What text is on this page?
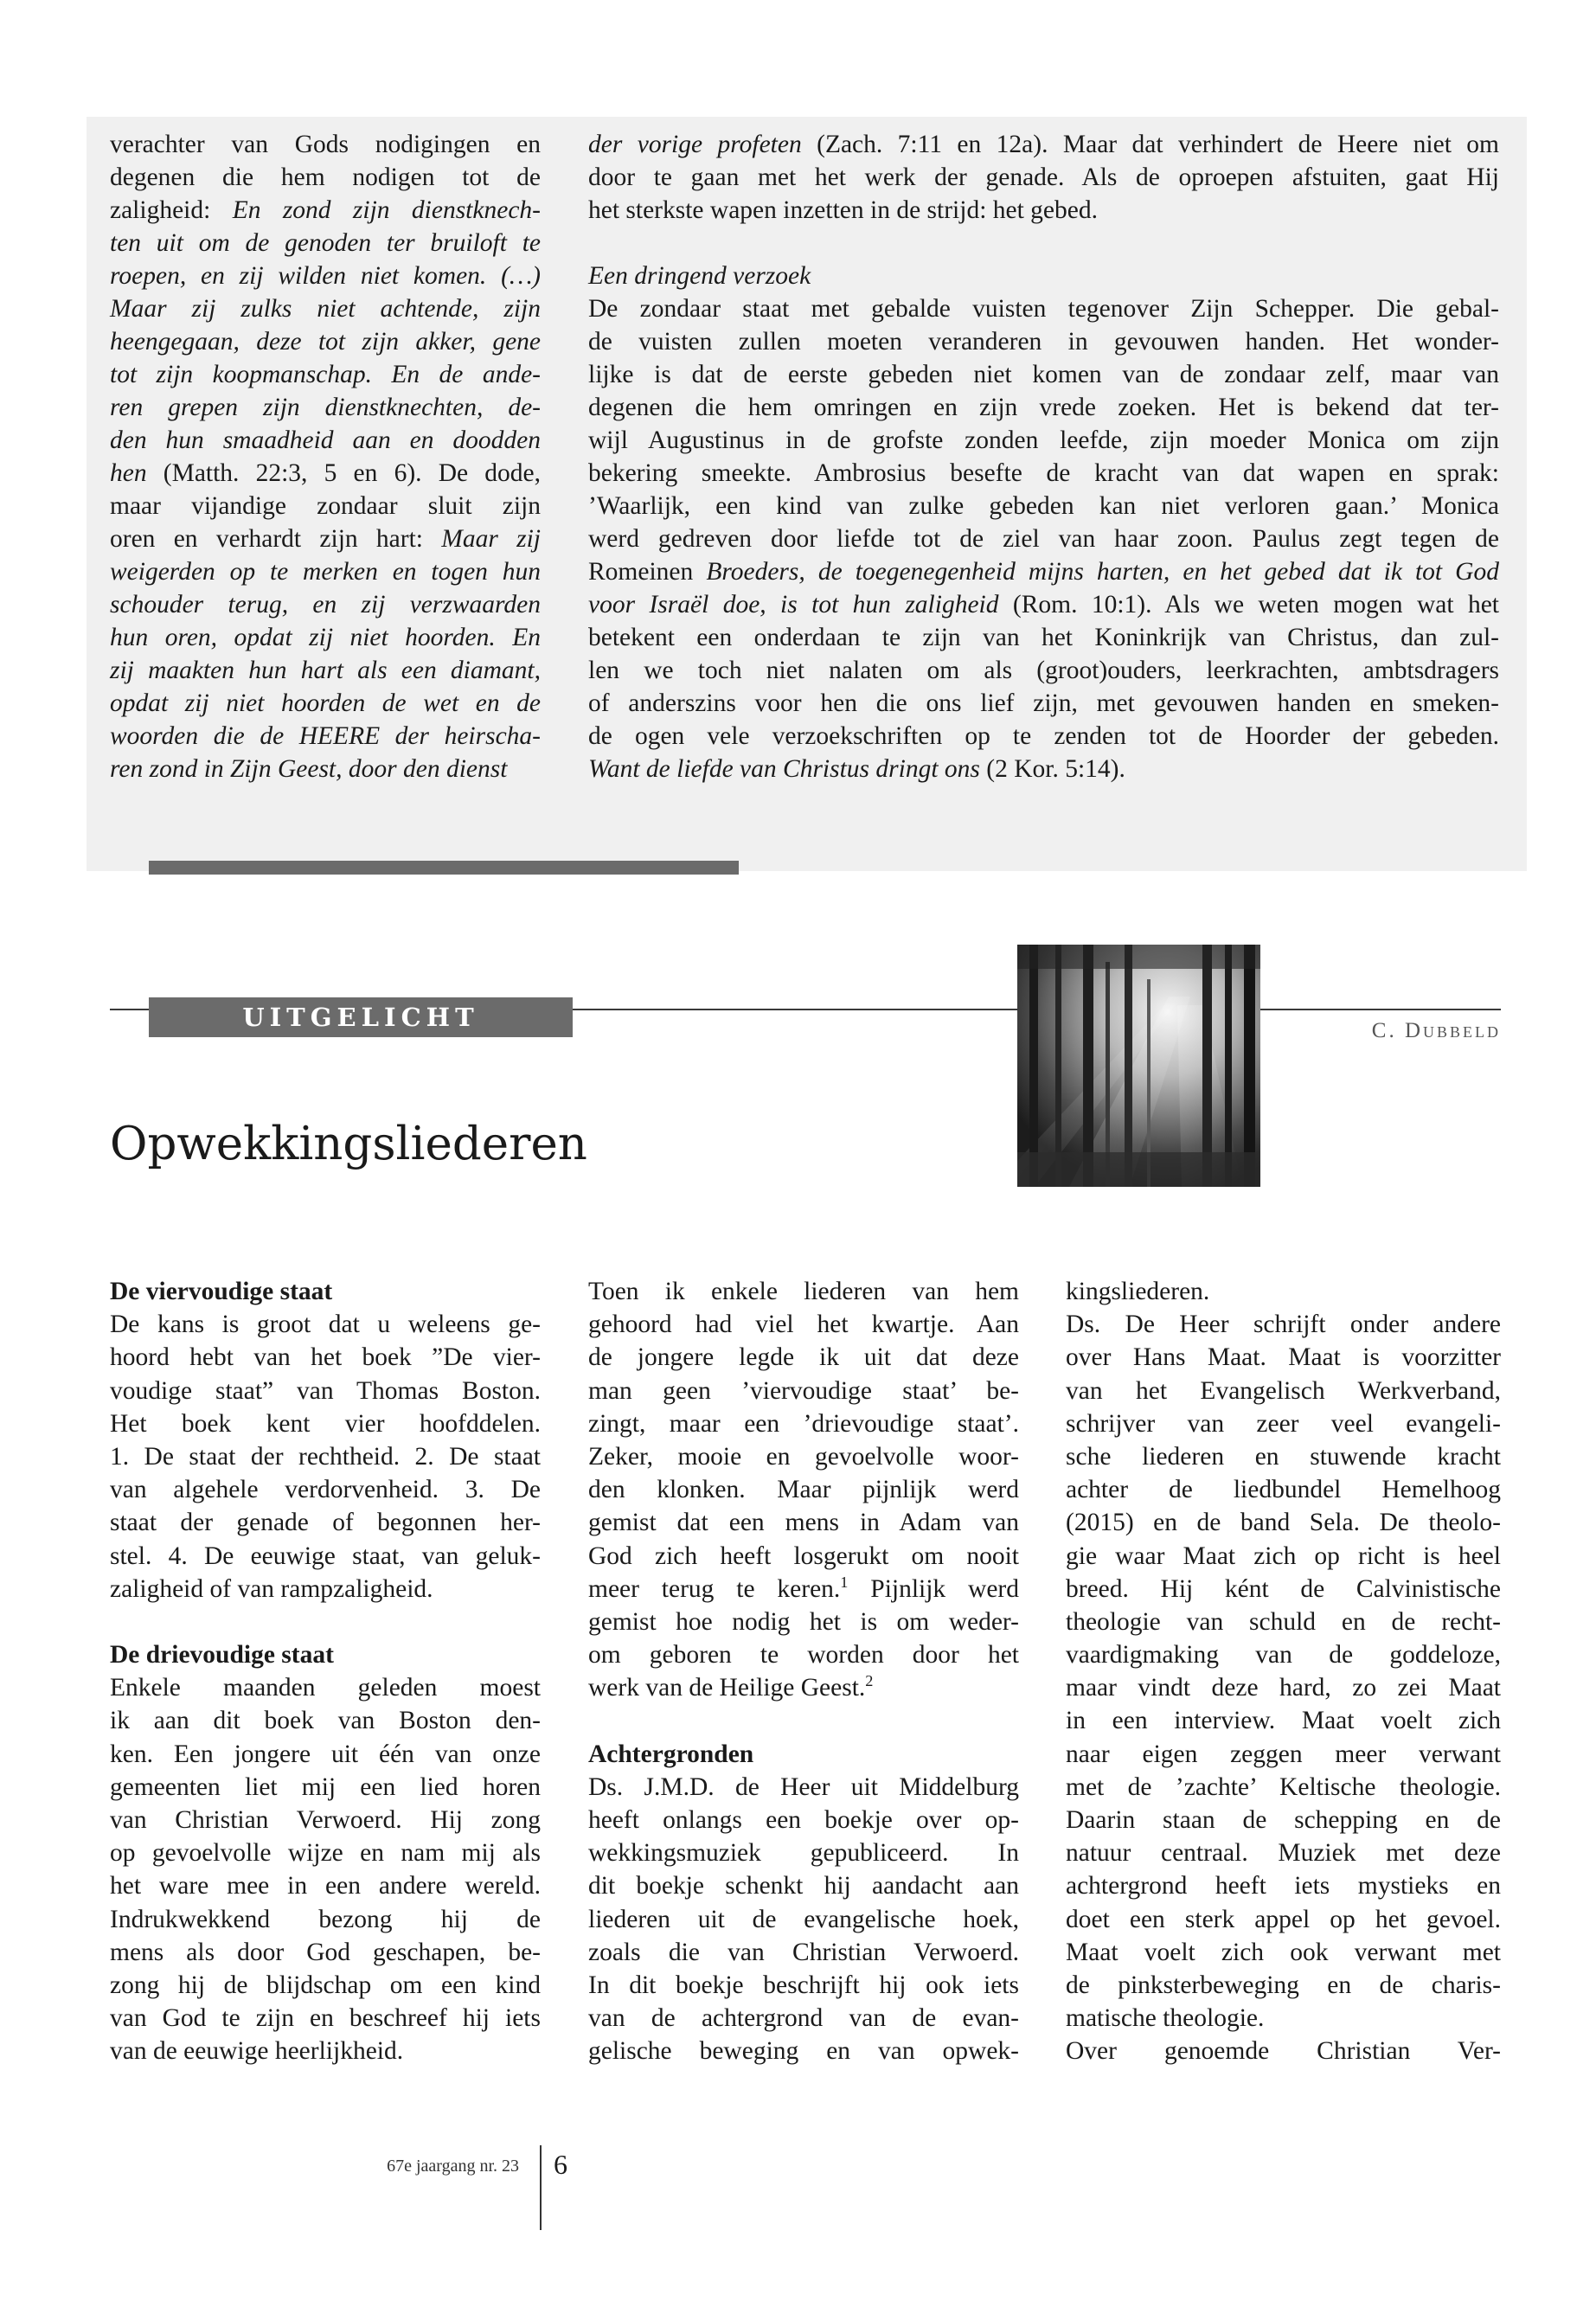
verachter van Gods nodigingen en
degenen die hem nodigen tot de
zaligheid: En zond zijn dienstknech-
ten uit om de genoden ter bruiloft te
roepen, en zij wilden niet komen. (…)
Maar zij zulks niet achtende, zijn
heengegaan, deze tot zijn akker, gene
tot zijn koopmanschap. En de ande-
ren grepen zijn dienstknechten, de-
den hun smaadheid aan en doodden
hen (Matth. 22:3, 5 en 6). De dode,
maar vijandige zondaar sluit zijn
oren en verhardt zijn hart: Maar zij
weigerden op te merken en togen hun
schouder terug, en zij verzwaarden
hun oren, opdat zij niet hoorden. En
zij maakten hun hart als een diamant,
opdat zij niet hoorden de wet en de
woorden die de HEERE der heirscha-
ren zond in Zijn Geest, door den dienst
der vorige profeten (Zach. 7:11 en 12a). Maar dat verhindert de Heere niet om
door te gaan met het werk der genade. Als de oproepen afstuiten, gaat Hij
het sterkste wapen inzetten in de strijd: het gebed.
Een dringend verzoek
De zondaar staat met gebalde vuisten tegenover Zijn Schepper. Die gebal-
de vuisten zullen moeten veranderen in gevouwen handen. Het wonder-
lijke is dat de eerste gebeden niet komen van de zondaar zelf, maar van
degenen die hem omringen en zijn vrede zoeken. Het is bekend dat ter-
wijl Augustinus in de grofste zonden leefde, zijn moeder Monica om zijn
bekering smeekte. Ambrosius besefte de kracht van dat wapen en sprak:
’Waarlijk, een kind van zulke gebeden kan niet verloren gaan.’ Monica
werd gedreven door liefde tot de ziel van haar zoon. Paulus zegt tegen de
Romeinen Broeders, de toegenegenheid mijns harten, en het gebed dat ik tot God
voor Israël doe, is tot hun zaligheid (Rom. 10:1). Als we weten mogen wat het
betekent een onderdaan te zijn van het Koninkrijk van Christus, dan zul-
len we toch niet nalaten om als (groot)ouders, leerkrachten, ambtsdragers
of anderszins voor hen die ons lief zijn, met gevouwen handen en smeken-
de ogen vele verzoekschriften op te zenden tot de Hoorder der gebeden.
Want de liefde van Christus dringt ons (2 Kor. 5:14).
UITGELICHT	C. Dubbeld
Opwekkingsliederen
De viervoudige staat
De kans is groot dat u weleens ge-
hoord hebt van het boek ”De vier-
voudige staat” van Thomas Boston.
Het boek kent vier hoofddelen.
1. De staat der rechtheid. 2. De staat
van algehele verdorvenheid. 3. De
staat der genade of begonnen her-
stel. 4. De eeuwige staat, van geluk-
zaligheid of van rampzaligheid.
De drievoudige staat
Enkele maanden geleden moest
ik aan dit boek van Boston den-
ken. Een jongere uit één van onze
gemeenten liet mij een lied horen
van Christian Verwoerd. Hij zong
op gevoelvolle wijze en nam mij als
het ware mee in een andere wereld.
Indrukwekkend bezong hij de
mens als door God geschapen, be-
zong hij de blijdschap om een kind
van God te zijn en beschreef hij iets
van de eeuwige heerlijkheid.
Toen ik enkele liederen van hem
gehoord had viel het kwartje. Aan
de jongere legde ik uit dat deze
man geen ’viervoudige staat’ be-
zingt, maar een ’drievoudige staat’.
Zeker, mooie en gevoelvolle woor-
den klonken. Maar pijnlijk werd
gemist dat een mens in Adam van
God zich heeft losgerukt om nooit
meer terug te keren.$^1$ Pijnlijk werd
gemist hoe nodig het is om weder-
om geboren te worden door het
werk van de Heilige Geest.$^2$
Achtergronden
Ds. J.M.D. de Heer uit Middelburg
heeft onlangs een boekje over op-
wekkingsmuziek gepubliceerd. In
dit boekje schenkt hij aandacht aan
liederen uit de evangelische hoek,
zoals die van Christian Verwoerd.
In dit boekje beschrijft hij ook iets
van de achtergrond van de evan-
gelische beweging en van opwek-
kingsliederen.
Ds. De Heer schrijft onder andere
over Hans Maat. Maat is voorzitter
van het Evangelisch Werkverband,
schrijver van zeer veel evangeli-
sche liederen en stuwende kracht
achter de liedbundel Hemelhoog
(2015) en de band Sela. De theolo-
gie waar Maat zich op richt is heel
breed. Hij ként de Calvinistische
theologie van schuld en de recht-
vaardigmaking van de goddeloze,
maar vindt deze hard, zo zei Maat
in een interview. Maat voelt zich
naar eigen zeggen meer verwant
met de ’zachte’ Keltische theologie.
Daarin staan de schepping en de
natuur centraal. Muziek met deze
achtergrond heeft iets mystieks en
doet een sterk appel op het gevoel.
Maat voelt zich ook verwant met
de pinksterbeweging en de charis-
matische theologie.
Over genoemde Christian Ver-
67e jaargang nr. 23 6
